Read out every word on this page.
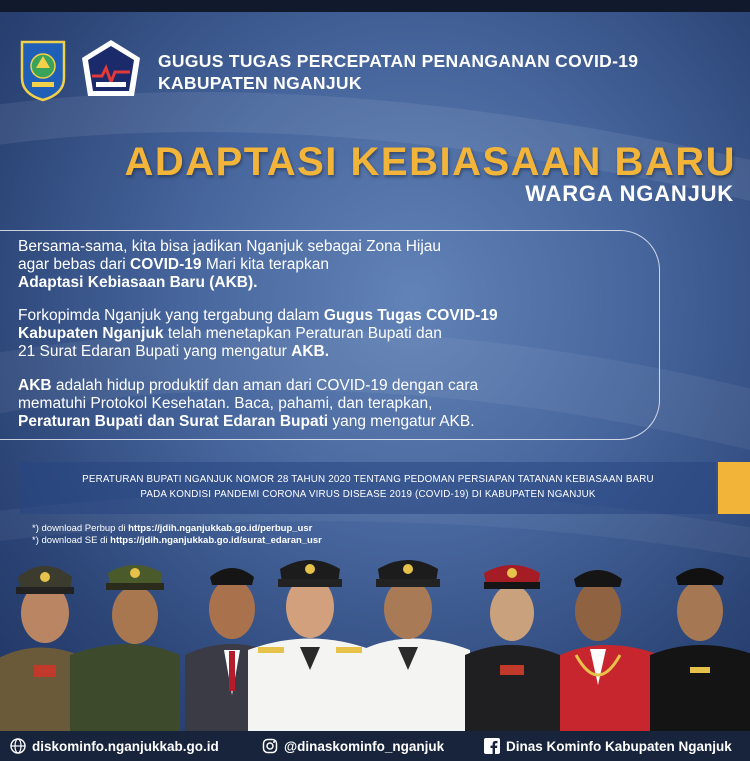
GUGUS TUGAS PERCEPATAN PENANGANAN COVID-19
KABUPATEN NGANJUK
ADAPTASI KEBIASAAN BARU
WARGA NGANJUK
Bersama-sama, kita bisa jadikan Nganjuk sebagai Zona Hijau
agar bebas dari COVID-19 Mari kita terapkan
Adaptasi Kebiasaan Baru (AKB).
Forkopimda Nganjuk yang tergabung dalam Gugus Tugas COVID-19
Kabupaten Nganjuk telah menetapkan Peraturan Bupati dan
21 Surat Edaran Bupati yang mengatur AKB.
AKB adalah hidup produktif dan aman dari COVID-19 dengan cara
mematuhi Protokol Kesehatan. Baca, pahami, dan terapkan,
Peraturan Bupati dan Surat Edaran Bupati yang mengatur AKB.
PERATURAN BUPATI NGANJUK NOMOR 28 TAHUN 2020 TENTANG PEDOMAN PERSIAPAN TATANAN KEBIASAAN BARU
PADA KONDISI PANDEMI CORONA VIRUS DISEASE 2019 (COVID-19) DI KABUPATEN NGANJUK
*) download Perbup di https://jdih.nganjukkab.go.id/perbup_usr
*) download SE di https://jdih.nganjukkab.go.id/surat_edaran_usr
diskominfo.nganjukkab.go.id	@dinaskominfo_nganjuk	Dinas Kominfo Kabupaten Nganjuk
